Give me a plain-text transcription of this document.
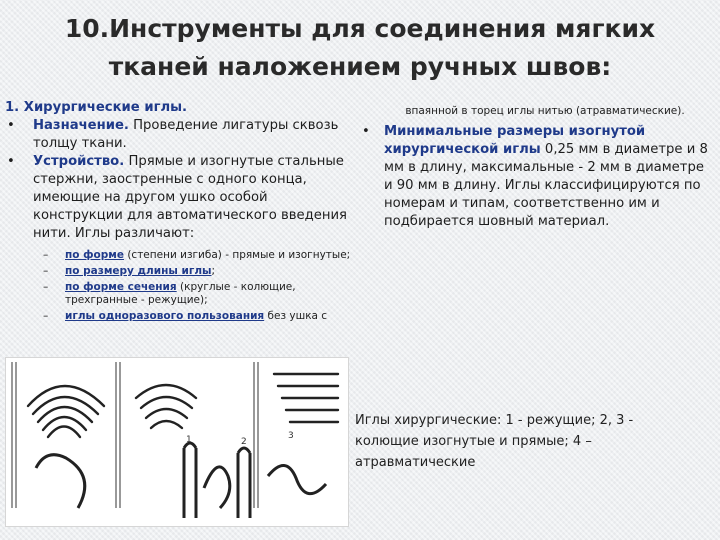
10.Инструменты для соединения мягких
тканей наложением ручных швов:
1. Хирургические иглы.
• Назначение. Проведение лигатуры сквозь толщу ткани.
• Устройство. Прямые и изогнутые стальные стержни, заостренные с одного конца, имеющие на другом ушко особой конструкции для автоматического введения нити. Иглы различают:
– по форме (степени изгиба) - прямые и изогнутые;
– по размеру длины иглы;
– по форме сечения (круглые - колющие, трехгранные - режущие);
– иглы одноразового пользования без ушка с
впаянной в торец иглы нитью (атравматические).
• Минимальные размеры изогнутой хирургической иглы 0,25 мм в диаметре и 8 мм в длину, максимальные - 2 мм в диаметре и 90 мм в длину. Иглы классифицируются по номерам и типам, соответственно им и подбирается шовный материал.
1	2
3
Иглы хирургические: 1 - режущие; 2, 3 - колющие изогнутые и прямые; 4 – атравматические
